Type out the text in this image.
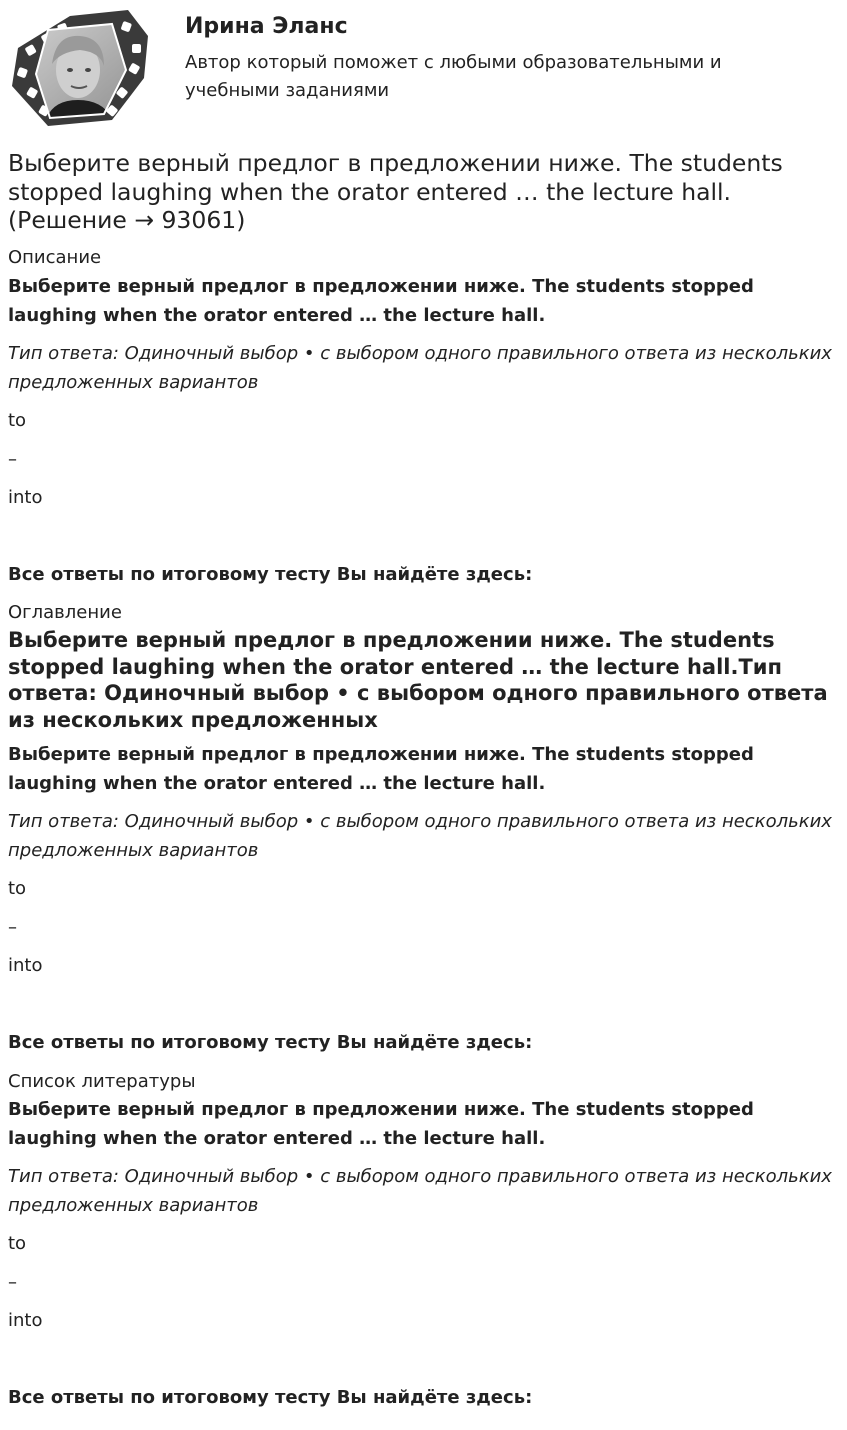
Ирина Эланс
Автор который поможет с любыми образовательными и учебными заданиями
Выберите верный предлог в предложении ниже. The students stopped laughing when the orator entered … the lecture hall. (Решение → 93061)
Описание
Выберите верный предлог в предложении ниже. The students stopped laughing when the orator entered … the lecture hall.
Тип ответа: Одиночный выбор • с выбором одного правильного ответа из нескольких предложенных вариантов
to
–
into
Все ответы по итоговому тесту Вы найдёте здесь:
Оглавление
Выберите верный предлог в предложении ниже. The students stopped laughing when the orator entered … the lecture hall.Тип ответа: Одиночный выбор • с выбором одного правильного ответа из нескольких предложенных
Выберите верный предлог в предложении ниже. The students stopped laughing when the orator entered … the lecture hall.
Тип ответа: Одиночный выбор • с выбором одного правильного ответа из нескольких предложенных вариантов
to
–
into
Все ответы по итоговому тесту Вы найдёте здесь:
Список литературы
Выберите верный предлог в предложении ниже. The students stopped laughing when the orator entered … the lecture hall.
Тип ответа: Одиночный выбор • с выбором одного правильного ответа из нескольких предложенных вариантов
to
–
into
Все ответы по итоговому тесту Вы найдёте здесь:
